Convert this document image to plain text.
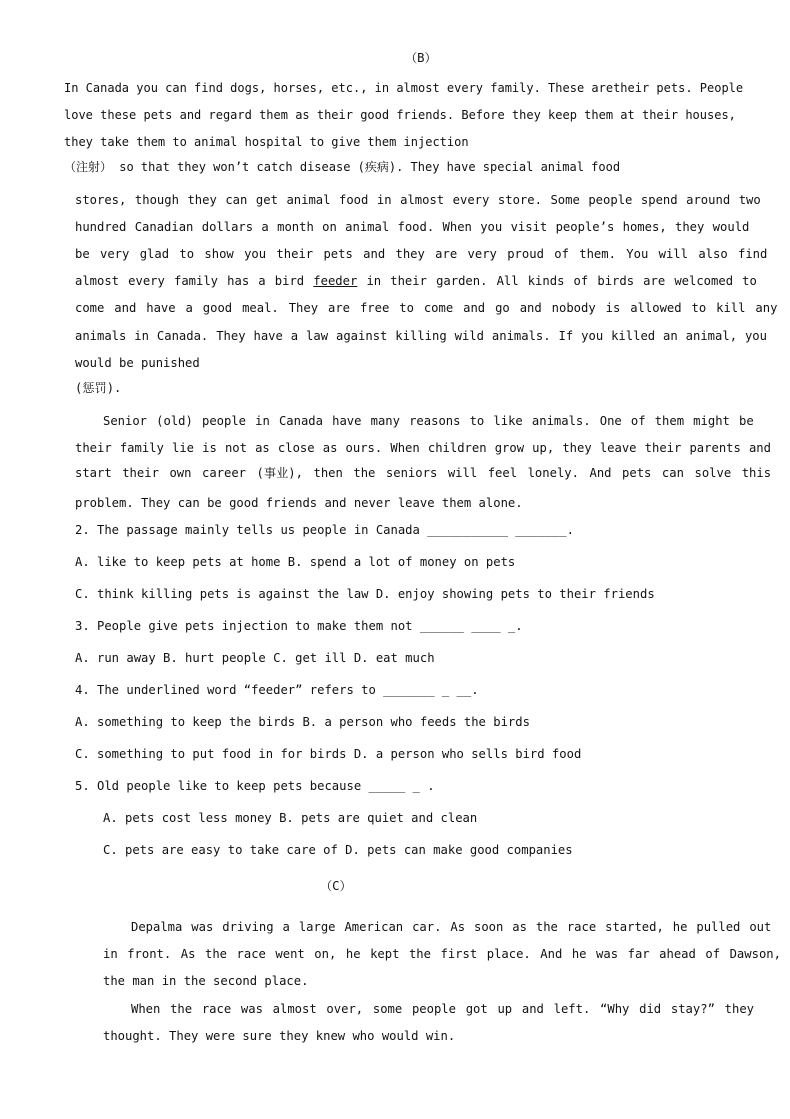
（B）
In Canada you can find dogs, horses, etc., in almost every family. These aretheir pets. People
love these pets and regard them as their good friends. Before they keep them at their houses,
they take them to animal hospital to give them injection
（注射） so that they won’t catch disease (疾病). They have special animal food
stores, though they can get animal food in almost every store. Some people spend around two
hundred Canadian dollars a month on animal food. When you visit people’s homes, they would
be very glad to show you their pets and they are very proud of them. You will also find
almost every family has a bird feeder in their garden. All kinds of birds are welcomed to
come and have a good meal. They are free to come and go and nobody is allowed to kill any
animals in Canada. They have a law against killing wild animals. If you killed an animal, you
would be punished
(惩罚).
Senior (old) people in Canada have many reasons to like animals. One of them might be
their family lie is not as close as ours. When children grow up, they leave their parents and
start their own career (事业), then the seniors will feel lonely. And pets can solve this
problem. They can be good friends and never leave them alone.
2. The passage mainly tells us people in Canada ___________ _______.
A. like to keep pets at home B. spend a lot of money on pets
C. think killing pets is against the law D. enjoy showing pets to their friends
3. People give pets injection to make them not ______ ____ _.
A. run away B. hurt people C. get ill D. eat much
4. The underlined word “feeder” refers to _______ _ __.
A. something to keep the birds B. a person who feeds the birds
C. something to put food in for birds D. a person who sells bird food
5. Old people like to keep pets because _____ _ .
A. pets cost less money B. pets are quiet and clean
C. pets are easy to take care of D. pets can make good companies
（C）
Depalma was driving a large American car. As soon as the race started, he pulled out
in front. As the race went on, he kept the first place. And he was far ahead of Dawson,
the man in the second place.
When the race was almost over, some people got up and left. “Why did stay?” they
thought. They were sure they knew who would win.
